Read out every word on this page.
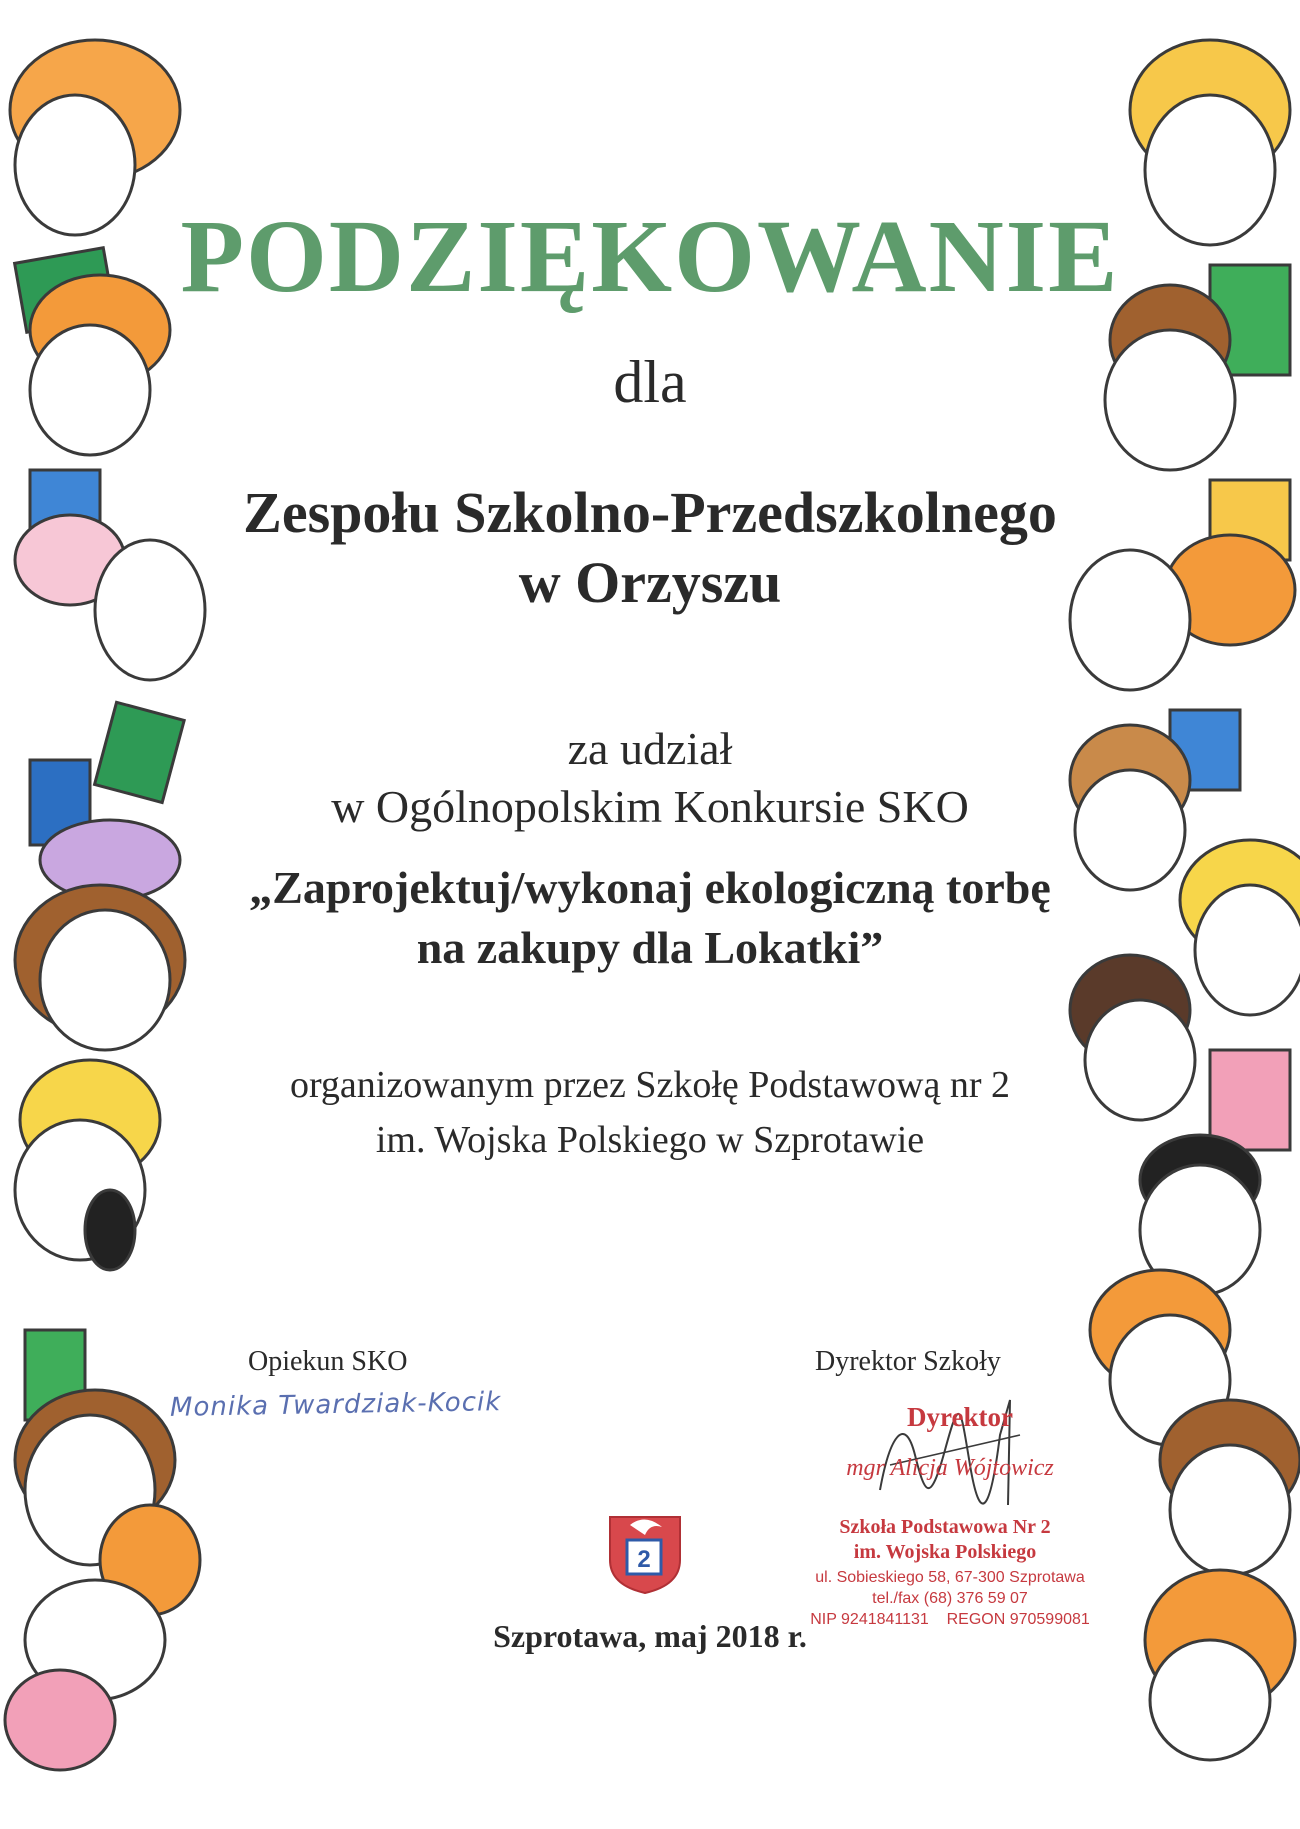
PODZIĘKOWANIE
dla
Zespołu Szkolno-Przedszkolnego
w Orzyszu
za udział
w Ogólnopolskim Konkursie SKO
„Zaprojektuj/wykonaj ekologiczną torbę
na zakupy dla Lokatki”
organizowanym przez Szkołę Podstawową nr 2
im. Wojska Polskiego w Szprotawie
Opiekun SKO
Monika Twardziak-Kocik
Dyrektor Szkoły
Dyrektor
mgr Alicja Wójtowicz
Szkoła Podstawowa Nr 2
im. Wojska Polskiego
ul. Sobieskiego 58, 67-300 Szprotawa
tel./fax (68) 376 59 07
NIP 9241841131    REGON 970599081
2
Szprotawa, maj 2018 r.
